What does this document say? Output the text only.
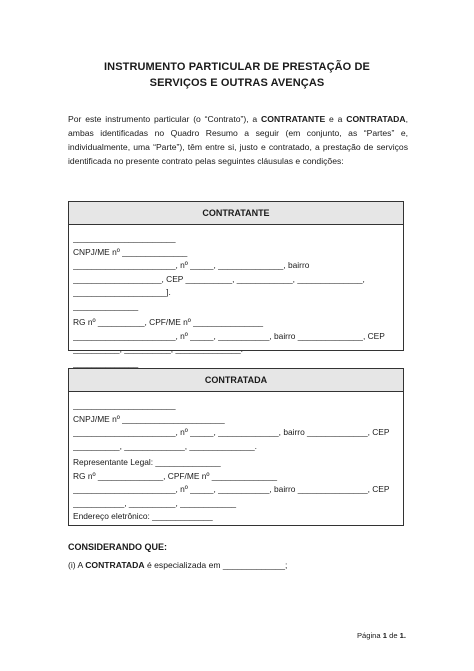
INSTRUMENTO PARTICULAR DE PRESTAÇÃO DE
SERVIÇOS E OUTRAS AVENÇAS
Por este instrumento particular (o “Contrato”), a CONTRATANTE e a CONTRATADA, ambas identificadas no Quadro Resumo a seguir (em conjunto, as “Partes” e, individualmente, uma “Parte”), têm entre si, justo e contratado, a prestação de serviços identificada no presente contrato pelas seguintes cláusulas e condições:
CONTRATANTE
______________________
CNPJ/ME nº ______________
______________________, nº _____, ______________, bairro ___________________, CEP __________, ____________, ______________, ____________________].
______________
RG nº __________, CPF/ME nº _______________
______________________, nº _____, ___________, bairro ______________, CEP __________, __________, ______________.
______________
CONTRATADA
______________________
CNPJ/ME nº ______________________
______________________, nº _____, _____________, bairro _____________, CEP __________, _____________, ______________.
Representante Legal: ______________
RG nº ______________, CPF/ME nº ______________
______________________, nº _____, ___________, bairro _______________, CEP ___________, __________, ____________
Endereço eletrônico: _____________
CONSIDERANDO QUE:
(i) A CONTRATADA é especializada em _____________;
Página 1 de 1.
